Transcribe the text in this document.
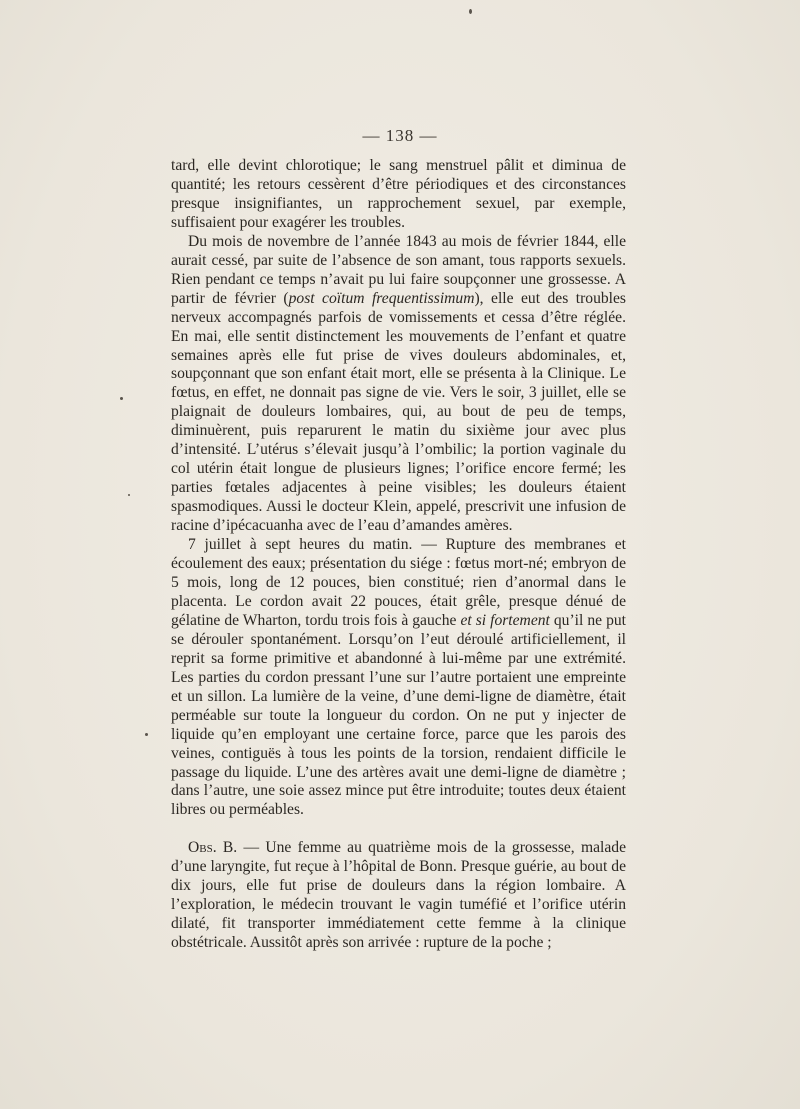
— 138 —

tard, elle devint chlorotique; le sang menstruel pâlit et diminua de quantité; les retours cessèrent d’être périodiques et des circonstances presque insignifiantes, un rapprochement sexuel, par exemple, suffisaient pour exagérer les troubles.

Du mois de novembre de l’année 1843 au mois de février 1844, elle aurait cessé, par suite de l’absence de son amant, tous rapports sexuels. Rien pendant ce temps n’avait pu lui faire soupçonner une grossesse. A partir de février (post coïtum frequentissimum), elle eut des troubles nerveux accompagnés parfois de vomissements et cessa d’être réglée. En mai, elle sentit distinctement les mouvements de l’enfant et quatre semaines après elle fut prise de vives douleurs abdominales, et, soupçonnant que son enfant était mort, elle se présenta à la Clinique. Le fœtus, en effet, ne donnait pas signe de vie. Vers le soir, 3 juillet, elle se plaignait de douleurs lombaires, qui, au bout de peu de temps, diminuèrent, puis reparurent le matin du sixième jour avec plus d’intensité. L’utérus s’élevait jusqu’à l’ombilic; la portion vaginale du col utérin était longue de plusieurs lignes; l’orifice encore fermé; les parties fœtales adjacentes à peine visibles; les douleurs étaient spasmodiques. Aussi le docteur Klein, appelé, prescrivit une infusion de racine d’ipécacuanha avec de l’eau d’amandes amères.

7 juillet à sept heures du matin. — Rupture des membranes et écoulement des eaux; présentation du siége : fœtus mort-né; embryon de 5 mois, long de 12 pouces, bien constitué; rien d’anormal dans le placenta. Le cordon avait 22 pouces, était grêle, presque dénué de gélatine de Wharton, tordu trois fois à gauche et si fortement qu’il ne put se dérouler spontanément. Lorsqu’on l’eut déroulé artificiellement, il reprit sa forme primitive et abandonné à lui-même par une extrémité. Les parties du cordon pressant l’une sur l’autre portaient une empreinte et un sillon. La lumière de la veine, d’une demi-ligne de diamètre, était perméable sur toute la longueur du cordon. On ne put y injecter de liquide qu’en employant une certaine force, parce que les parois des veines, contiguës à tous les points de la torsion, rendaient difficile le passage du liquide. L’une des artères avait une demi-ligne de diamètre ; dans l’autre, une soie assez mince put être introduite; toutes deux étaient libres ou perméables.

Obs. B. — Une femme au quatrième mois de la grossesse, malade d’une laryngite, fut reçue à l’hôpital de Bonn. Presque guérie, au bout de dix jours, elle fut prise de douleurs dans la région lombaire. A l’exploration, le médecin trouvant le vagin tuméfié et l’orifice utérin dilaté, fit transporter immédiatement cette femme à la clinique obstétricale. Aussitôt après son arrivée : rupture de la poche ;
